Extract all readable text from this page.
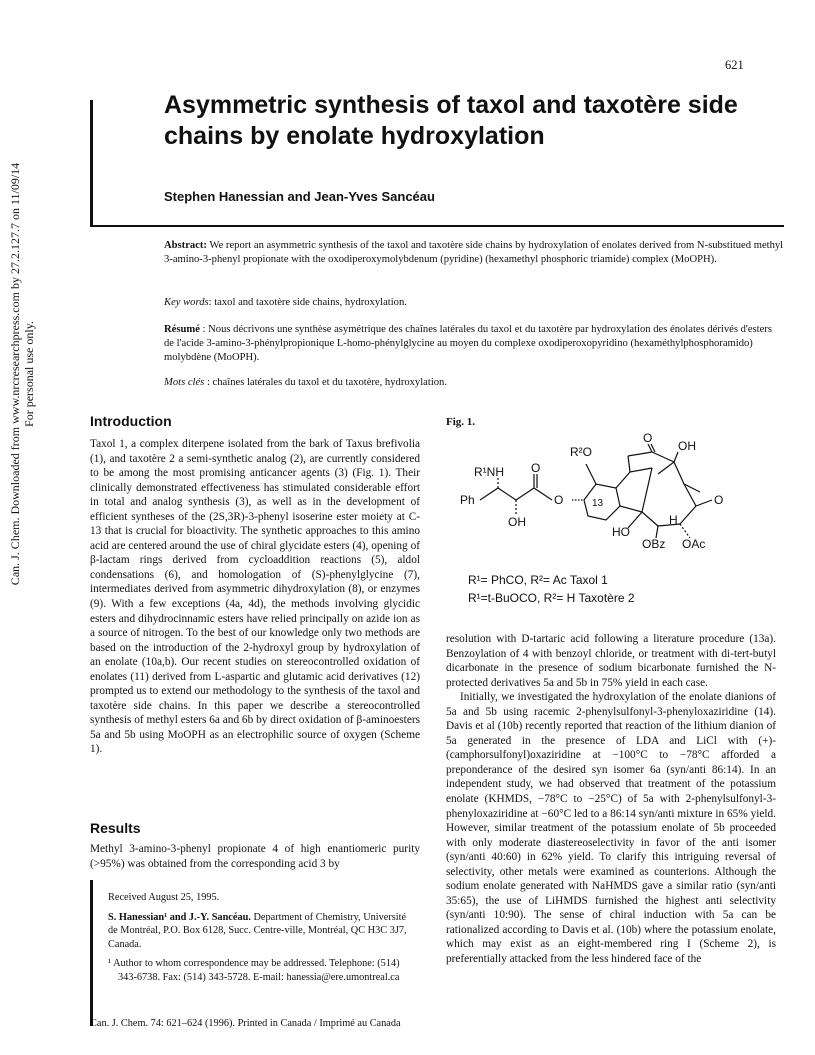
621
Asymmetric synthesis of taxol and taxotère side chains by enolate hydroxylation
Stephen Hanessian and Jean-Yves Sancéau
Can. J. Chem. Downloaded from www.nrcresearchpress.com by 27.2.127.7 on 11/09/14 For personal use only.

Abstract: We report an asymmetric synthesis of the taxol and taxotère side chains by hydroxylation of enolates derived from N-substitued methyl 3-amino-3-phenyl propionate with the oxodiperoxymolybdenum (pyridine) (hexamethyl phosphoric triamide) complex (MoOPH).

Key words: taxol and taxotère side chains, hydroxylation.

Résumé : Nous décrivons une synthèse asymétrique des chaînes latérales du taxol et du taxotère par hydroxylation des énolates dérivés d'esters de l'acide 3-amino-3-phénylpropionique L-homo-phénylglycine au moyen du complexe oxodiperoxopyridino (hexaméthylphosphoramido) molybdène (MoOPH).

Mots clés : chaînes latérales du taxol et du taxotère, hydroxylation.

Introduction

Taxol 1, a complex diterpene isolated from the bark of Taxus brefivolia (1), and taxotère 2 a semi-synthetic analog (2), are currently considered to be among the most promising anticancer agents (3) (Fig. 1). Their clinically demonstrated effectiveness has stimulated considerable effort in total and analog synthesis (3), as well as in the development of efficient syntheses of the (2S,3R)-3-phenyl isoserine ester moiety at C-13 that is crucial for bioactivity. The synthetic approaches to this amino acid are centered around the use of chiral glycidate esters (4), opening of β-lactam rings derived from cycloaddition reactions (5), aldol condensations (6), and homologation of (S)-phenylglycine (7), intermediates derived from asymmetric dihydroxylation (8), or enzymes (9). With a few exceptions (4a, 4d), the methods involving glycidic esters and dihydrocinnamic esters have relied principally on azide ion as a source of nitrogen. To the best of our knowledge only two methods are based on the introduction of the 2-hydroxyl group by hydroxylation of an enolate (10a,b). Our recent studies on stereocontrolled oxidation of enolates (11) derived from L-aspartic and glutamic acid derivatives (12) prompted us to extend our methodology to the synthesis of the taxol and taxotère side chains. In this paper we describe a stereocontrolled synthesis of methyl esters 6a and 6b by direct oxidation of β-aminoesters 5a and 5b using MoOPH as an electrophilic source of oxygen (Scheme 1).

Results

Methyl 3-amino-3-phenyl propionate 4 of high enantiomeric purity (>95%) was obtained from the corresponding acid 3 by

Received August 25, 1995.

S. Hanessian¹ and J.-Y. Sancéau. Department of Chemistry, Université de Montréal, P.O. Box 6128, Succ. Centre-ville, Montréal, QC H3C 3J7, Canada.

¹ Author to whom correspondence may be addressed. Telephone: (514) 343-6738. Fax: (514) 343-5728. E-mail: hanessia@ere.umontreal.ca

Can. J. Chem. 74: 621–624 (1996). Printed in Canada / Imprimé au Canada
Fig. 1.
R²O	OH
R¹NH O
O
Ph	O	13
OH	H
O
HO
OBz OAc
R¹= PhCO, R²= Ac Taxol 1
R¹=t-BuOCO, R²= H Taxotère 2

resolution with D-tartaric acid following a literature procedure (13a). Benzoylation of 4 with benzoyl chloride, or treatment with di-tert-butyl dicarbonate in the presence of sodium bicarbonate furnished the N-protected derivatives 5a and 5b in 75% yield in each case.

Initially, we investigated the hydroxylation of the enolate dianions of 5a and 5b using racemic 2-phenylsulfonyl-3-phenyloxaziridine (14). Davis et al (10b) recently reported that reaction of the lithium dianion of 5a generated in the presence of LDA and LiCl with (+)-(camphorsulfonyl)oxaziridine at −100°C to −78°C afforded a preponderance of the desired syn isomer 6a (syn/anti 86:14). In an independent study, we had observed that treatment of the potassium enolate (KHMDS, −78°C to −25°C) of 5a with 2-phenylsulfonyl-3-phenyloxaziridine at −60°C led to a 86:14 syn/anti mixture in 65% yield. However, similar treatment of the potassium enolate of 5b proceeded with only moderate diastereoselectivity in favor of the anti isomer (syn/anti 40:60) in 62% yield. To clarify this intriguing reversal of selectivity, other metals were examined as counterions. Although the sodium enolate generated with NaHMDS gave a similar ratio (syn/anti 35:65), the use of LiHMDS furnished the highest anti selectivity (syn/anti 10:90). The sense of chiral induction with 5a can be rationalized according to Davis et al. (10b) where the potassium enolate, which may exist as an eight-membered ring I (Scheme 2), is preferentially attacked from the less hindered face of the
